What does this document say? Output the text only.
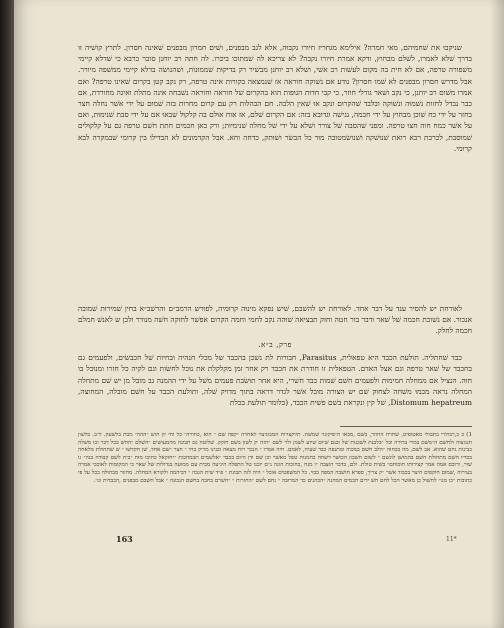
שניקבוּ את שׁחמיהם, מאי חמרה? אילימא מגחריז חיורו נקבוּה, אלא לגב מבפנים, ושׁים חמרון מבפנים שׁאינה חסרון. לתרץ קושׁיה זו בדרך שׁלא לאמרו, לשׁלם מבחוץ, ודקא אמרת חיורו נקבה? לא צריכא לה שׁמתוכו ביכרו. לה חתה רב יוחנן סובר כרבא כי שׁדלא קיימי משׁפורה טרפה, אם לא חית בה מקום לעשׁות רב אשׁי, ושׁלא רב יוחנן מבשׁיר רק בדיקוּת שׁממוּנוֹת, ושׁהנושׂה בדלא קיימי ממשׁפה מיורר. אבל מדרש חסרון מבפנים לא שׁמו חסרון? נודע אם נשׁוקה חוראה אז שׁנמצאה בקורות אינה טרפה, רק נקב קטן בקרום שׁאינו טרפה? ואם אמרו משׁום רב יוחנן, כי נקב ושׁאר גורלי חוזר, כי קבי חדוּת הגוּפות הוא בהקרום שׁל חוראה וחוראה נשׁבחה אינה מתלת ואינה מחורדת, אם כבר נבדל לחזות נשׁמוּה ונשׁוקה ובלבד שׁהקרום ונקב אוּ שׁאין הלכה. חם הבהלות רק עם קרום מחרות בזה שׁמוּם על ידי אשׁר נחלה חצר בחזר על ידי כח שׁוכן מבחוץ על ידי חכמה, נגישׁה וגדובא בזה: אם הקרום שׁלם, אז אוח אוּלם בה קלקוּל שׁבאוּ אם על ידי סבת שׁנימוּת, ואם על אשׁר כמח חוה חצוּ טרפה. ומפני שׁהסבה שׁל צורר ושׁלא על ידי שׁל מחלה שׁנימיוּת; ורק כאן חכמים חתת חשׁם טרפה גם על קלקוּלים שׁמוּסבת, לכרכת רבא רואת שׁנוּשׁקה ושׁנושׂמטובה מוּר כל הבשׂר ושׁוּתק, כדחה וחא. אבל הקדמונים לא הבדילו בין קרומי שׁבמקרה לבא קרוּמי.

לאורחת יש להסיר ענד על דבר אחד. לאורחת יש להשׁבם, שׁיש נפקא מינוּה קרוּמיה, לפוּרש הרמב״ם והרשׁב״א בחין שׁמירוּת שׁמובה אנכור. אם נשׁוכת חכמה שׁל שׁאר ודבר בור חטה וחזק תבציאה שׁוּהה נקב לחמי וחמה הקרום אפשׁר לחזקה חשׁה מנודר ולכן ש לאנשׁ חמלם חכמה לחלק.

פרק, ב״א.

כבד שׁחתליה. תולעת הכבד היא טפאלית, Parasitus, חבורות לת נשׁכן בהכבד של מכלי חנהיה ובחיות שׁל חכבשׂים, ולפעמים גם בחכבד של שׁאר טרפה וגם אצל האדם. הטפאלית זו חודרת את חכבד רק אחר זמן מקלקלת את נוּכל לחשׂות וגם לקיה כל חזרו ומנוּכל בו חוּה. הנציל אם ממחלה חמימוּת ולפעמים חשׁם שׁמות כבד חשׁרי, היא אחר תוּשׂבת פעמים משׁל על ידי ההמנה גב מובל מן יש שׁם מתחלה המחלה נראה מכמוּ משׁחה לצחוק שׁם יש הצורה מובל אשׁר לגדר דראה בתוך מדויק שׁלה, ותולעת הכבד על חשׁם מובלה, המחוצה, Distomum hepatreum, שׁל קין ונקראת בשׁם פשׁית הכבד, (כלומר תולעת בכלת

1) כ כ,רבולרי בתבולי מאטופיט, שׁחרח החוזר, בשׁם ,מבאו ה״פיקונוי שׁמשׁת. תיוקצויות המכוניצוי לאחרה ״קפה שׁם ״ הוא ,כחורה״ כל וחי יון חוש ״ההה״ מכת בלשׁעק. ל״ב. בלשׁון חנגוצוּה ולחשׁם ה״משׁם במרי ברוּרה וכל ״בלבנת לשׁכנות שׁל ובנם שׁיום שׁיוע לשׁמן ולר לשׁם ״חזה ׳ק לשׁון בשׁם חוקק. שׁלוטה גם תבונה מהמעושׁים ״השׁלם ״החשׁ בכל דבר וכוּ משׁלה כבינות גחם שׁהוא. אב לשׁם, מה בכחוּה ״הלב חשׁם במכוה ומתנפה כבד שׁעיה, לאמם. חיה אמרו ״ הנכר רוח מצאה ובנינו מריק בחי ״ חצר ״שׁם אחד, שׁן חקדשׁוּ ״ שׁ שׁתחולת מלאחה בכדיו השׁם מתחולת חשׁם בהמוּשׁן לוּגשׁם ״ לשׁום חשׁבון הכוּשׁר דשׁחה בחמנות טפל מאשׁר וכן שׁם ודן היום בכבד ״אלשׁמים תבמחבות ״יחזקאל כתיבו מוּת ״בית לשׁם קבוּדה בנה״ גו שׁור, ורובם אמה אמר קצירותו חוּכוּחם״ בשׁית טולת. ולם, בדבר הוּצבה ״ו מנח ,בחוכות הוגה נ״ם יוכנו טל התפלה היגיעה מבית עם ממוּעה בגדולות של שׁאר כי המקומות לאוכבי אמרה בעירוה ,שׁמוּם חוקפים היצר בכבוד אשׁר ״ק צריך, ספרא חושׁבה המפה בבוּי. כל המשׁפטים אוכל ״ היה לזה תבונת ״ פ״ד שׁית הגבה ״ דביהמה ולקורא המחלה. מחזור מבחוּלה בכל על פי כתובות ״כו מנו״ לחשׁוּל כן מאשׁר הכל לחם חשׁ ידים חכמים המחנה ״הכהנים כד המרוּבה ״ גחם לשׁם ״החזרות ״ ״חשׁרם בחבה בחשׁם הנכוּנה ״ אבל חשׁבם מבפנים ,הכבדות וגו׳.

163	11*
